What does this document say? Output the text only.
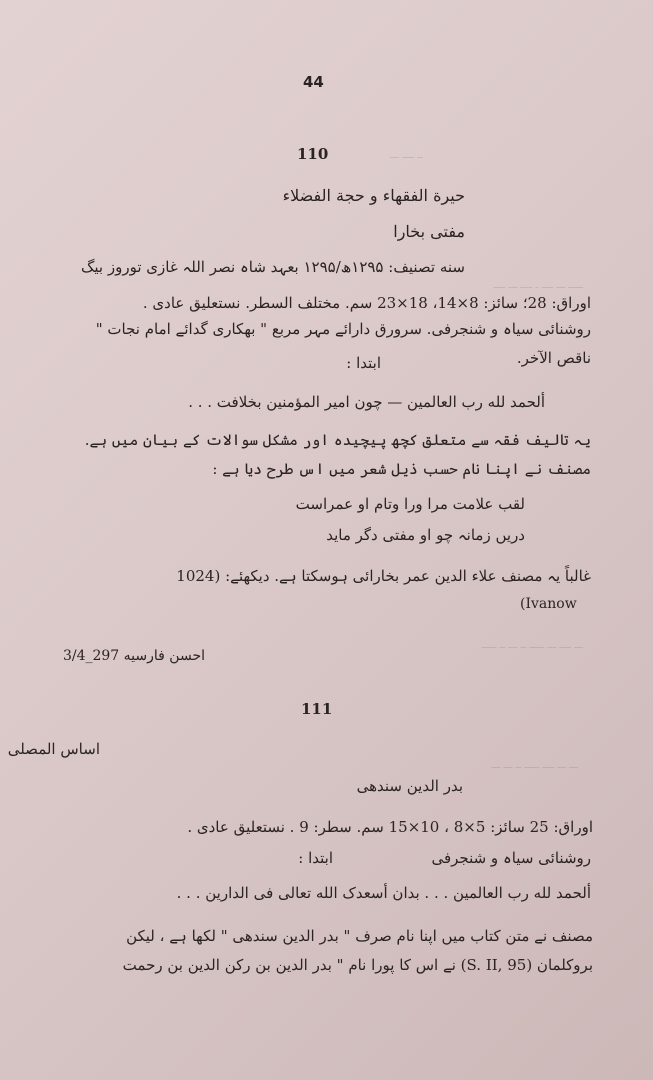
ــ ــــ ـــ
ـــــ ـــ ــــ ـ ــــ ـــ ــــ
ـــ ــــ ـــ ـــــ ــ ـــ ــ ـــــ
ـــ ـــ ــــ ـــــ ــ ـــ ـــ
44
110
حيرة الفقهاء و حجة الفضلاء
مفتی بخارا
سنه تصنیف: ۱۲۹۵ھ/۱۲۹۵ بعہد شاہ نصر اللہ غازی توروز بیگ
اوراق: 28؛ سائز: 8×14، 18×23 سم. مختلف السطر. نستعلیق عادی .
روشنائی سیاہ و شنجرفی. سرورق دارائے مہر مربع " بھکاری گدائے امام نجات "
ناقص الآخر.
ابتدا :
ألحمد لله رب العالمين — چون امیر المؤمنین بخلافت . . .
یہ تالیف فقہ سے متعلق کچھ پیچیدہ اور مشکل سوالات کے بیان میں ہے.
مصنف نے اپنا نام حسب ذیل شعر میں اس طرح دیا ہے :
لقب علامت مرا ورا وتام او عمراست
دریں زمانہ چو او مفتی دگر ماید
غالباً یہ مصنف علاء الدین عمر بخارائی ہوسکتا ہے. دیکھئے: (1024
(Ivanow
احسن فارسیه 297_3/4
111
اساس المصلی
بدر الدین سندھی
اوراق: 25 سائز: 5×8 ، 10×15 سم. سطر: 9 . نستعلیق عادی .
روشنائی سیاہ و شنجرفی
ابتدا :
ألحمد لله رب العالمین . . . بدان أسعدک الله تعالی فی الدارین . . .
مصنف نے متن کتاب میں اپنا نام صرف " بدر الدین سندھی " لکھا ہے ، لیکن
بروکلمان (S. II, 95) نے اس کا پورا نام " بدر الدین بن رکن الدین بن رحمت
